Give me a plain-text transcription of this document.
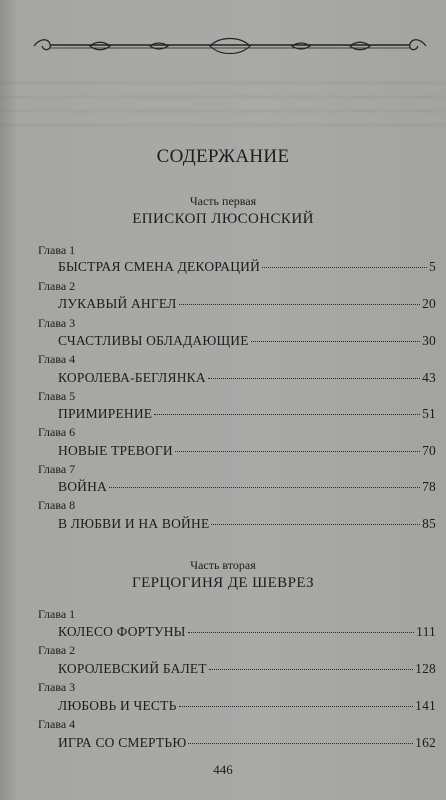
СОДЕРЖАНИЕ
Часть первая
ЕПИСКОП ЛЮСОНСКИЙ
Глава 1
БЫСТРАЯ СМЕНА ДЕКОРАЦИЙ	5
Глава 2
ЛУКАВЫЙ АНГЕЛ	20
Глава 3
СЧАСТЛИВЫ ОБЛАДАЮЩИЕ	30
Глава 4
КОРОЛЕВА-БЕГЛЯНКА	43
Глава 5
ПРИМИРЕНИЕ	51
Глава 6
НОВЫЕ ТРЕВОГИ	70
Глава 7
ВОЙНА	78
Глава 8
В ЛЮБВИ И НА ВОЙНЕ	85
Часть вторая
ГЕРЦОГИНЯ ДЕ ШЕВРЕЗ
Глава 1
КОЛЕСО ФОРТУНЫ	111
Глава 2
КОРОЛЕВСКИЙ БАЛЕТ	128
Глава 3
ЛЮБОВЬ И ЧЕСТЬ	141
Глава 4
ИГРА СО СМЕРТЬЮ	162
446
